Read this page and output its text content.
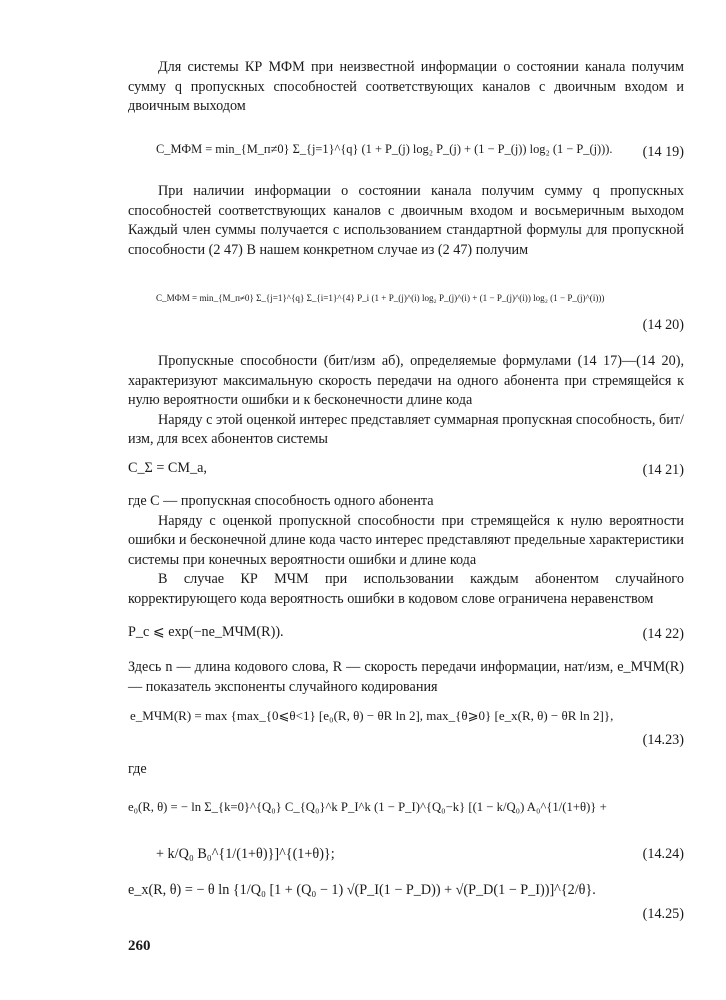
Для системы КР МФМ при неизвестной информации о состоянии канала получим сумму q пропускных способностей соответствующих каналов с двоичным входом и двоичным выходом

C_МФМ = min_{M_п≠0} Σ_{j=1}^{q} (1 + P_(j) log₂ P_(j) + (1 − P_(j)) log₂ (1 − P_(j))). (14 19)

При наличии информации о состоянии канала получим сумму q пропускных способностей соответствующих каналов с двоичным входом и восьмеричным выходом Каждый член суммы получается с использованием стандартной формулы для пропускной способности (2 47) В нашем конкретном случае из (2 47) получим

C_МФМ = min_{M_п≠0} Σ_{j=1}^{q} Σ_{i=1}^{4} P_i (1 + P_(j)^(i) log₂ P_(j)^(i) + (1 − P_(j)^(i)) log₂ (1 − P_(j)^(i)))
(14 20)

Пропускные способности (бит/изм аб), определяемые формулами (14 17)—(14 20), характеризуют максимальную скорость передачи на одного абонента при стремящейся к нулю вероятности ошибки и к бесконечности длине кода

Наряду с этой оценкой интерес представляет суммарная пропускная способность, бит/изм, для всех абонентов системы

C_Σ = CM_a,	(14 21)

где C — пропускная способность одного абонента

Наряду с оценкой пропускной способности при стремящейся к нулю вероятности ошибки и бесконечной длине кода часто интерес представляют предельные характеристики системы при конечных вероятности ошибки и длине кода

В случае КР МЧМ при использовании каждым абонентом случайного корректирующего кода вероятность ошибки в кодовом слове ограничена неравенством

P_c ⩽ exp(−ne_МЧМ(R)).	(14 22)

Здесь n — длина кодового слова, R — скорость передачи информации, нат/изм, e_МЧМ(R) — показатель экспоненты случайного кодирования

e_МЧМ(R) = max {max_{0⩽θ<1} [e₀(R, θ) − θR ln 2], max_{θ⩾0} [e_x(R, θ) − θR ln 2]},
(14.23)

где

e₀(R, θ) = − ln Σ_{k=0}^{Q₀} C_{Q₀}^k P_I^k (1 − P_I)^{Q₀−k} [(1 − k/Q₀) A₀^{1/(1+θ)} +
+ k/Q₀ B₀^{1/(1+θ)}]^{(1+θ)};	(14.24)
e_x(R, θ) = − θ ln {1/Q₀ [1 + (Q₀ − 1) √(P_I(1 − P_D)) + √(P_D(1 − P_I))]^{2/θ}.
(14.25)
260
